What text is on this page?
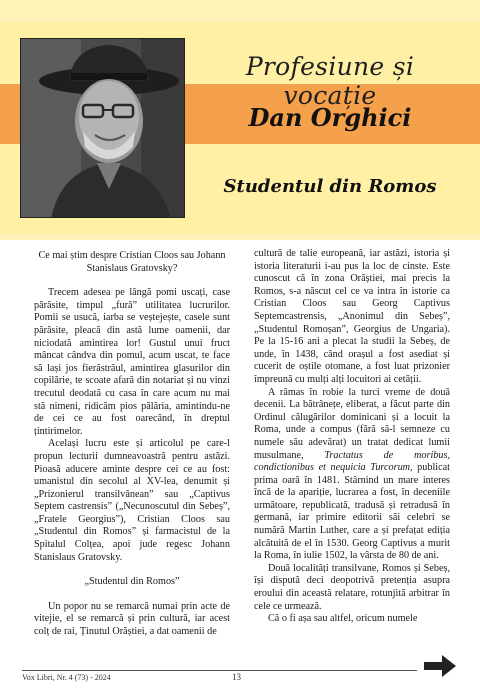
Profesiune și vocație
Dan Orghici
Studentul din Romos

Ce mai știm despre Cristian Cloos sau Johann Stanislaus Gratovsky?

Trecem adesea pe lângă pomi uscați, case părăsite, timpul „fură” utilitatea lucrurilor. Pomii se usucă, iarba se veștejește, casele sunt părăsite, pleacă din astă lume oamenii, dar niciodată amintirea lor! Gustul unui fruct mâncat cândva din pomul, acum uscat, te face să lași jos fierăstrăul, amintirea glasurilor din copilărie, te scoate afară din notariat și nu vinzi trecutul deodată cu casa în care acum nu mai stă nimeni, ridicăm pios pălăria, amintindu-ne de cei ce au fost oarecând, în dreptul țintirimelor.

Același lucru este și articolul pe care-l propun lecturii dumneavoastră pentru astăzi. Pioasă aducere aminte despre cei ce au fost: umanistul din secolul al XV-lea, denumit și „Prizonierul transilvănean” sau „Captivus Septem castrensis” („Necunoscutul din Sebeș”, „Fratele Georgius”), Cristian Cloos sau „Studentul din Romos” și farmacistul de la Spitalul Colțea, apoi jude regesc Johann Stanislaus Gratovsky.

„Studentul din Romos”

Un popor nu se remarcă numai prin acte de vitejie, el se remarcă și prin cultură, iar acest colț de rai, Ținutul Orăștiei, a dat oamenii de

cultură de talie europeană, iar astăzi, istoria și istoria literaturii i-au pus la loc de cinste. Este cunoscut că în zona Orăștiei, mai precis la Romos, s-a născut cel ce va intra în istorie ca Cristian Cloos sau Georg Captivus Septemcastrensis, „Anonimul din Sebeș”, „Studentul Romoșan”, Georgius de Ungaria). Pe la 15-16 ani a plecat la studii la Sebeș, de unde, în 1438, când orașul a fost asediat și cucerit de oștile otomane, a fost luat prizonier împreună cu mulți alți locuitori ai cetății.

A rămas în robie la turci vreme de două decenii. La bătrânețe, eliberat, a făcut parte din Ordinul călugărilor dominicani și a locuit la Roma, unde a compus (fără să-l semneze cu numele său adevărat) un tratat dedicat lumii musulmane, Tractatus de moribus, condictionibus et nequicia Turcorum, publicat prima oară în 1481. Stârnind un mare interes încă de la apariție, lucrarea a fost, în deceniile următoare, republicată, tradusă și retradusă în germană, iar primire editorii săi celebri se numără Martin Luther, care a și prefațat ediția alcătuită de el în 1530. Georg Captivus a murit la Roma, în iulie 1502, la vârsta de 80 de ani.

Două localități transilvane, Romos și Sebeș, își dispută deci deopotrivă pretenția asupra eroului din această relatare, rotunjită arbitrar în cele ce urmează.

Că o fi așa sau altfel, oricum numele

Vox Libri, Nr. 4 (73) - 2024	13
